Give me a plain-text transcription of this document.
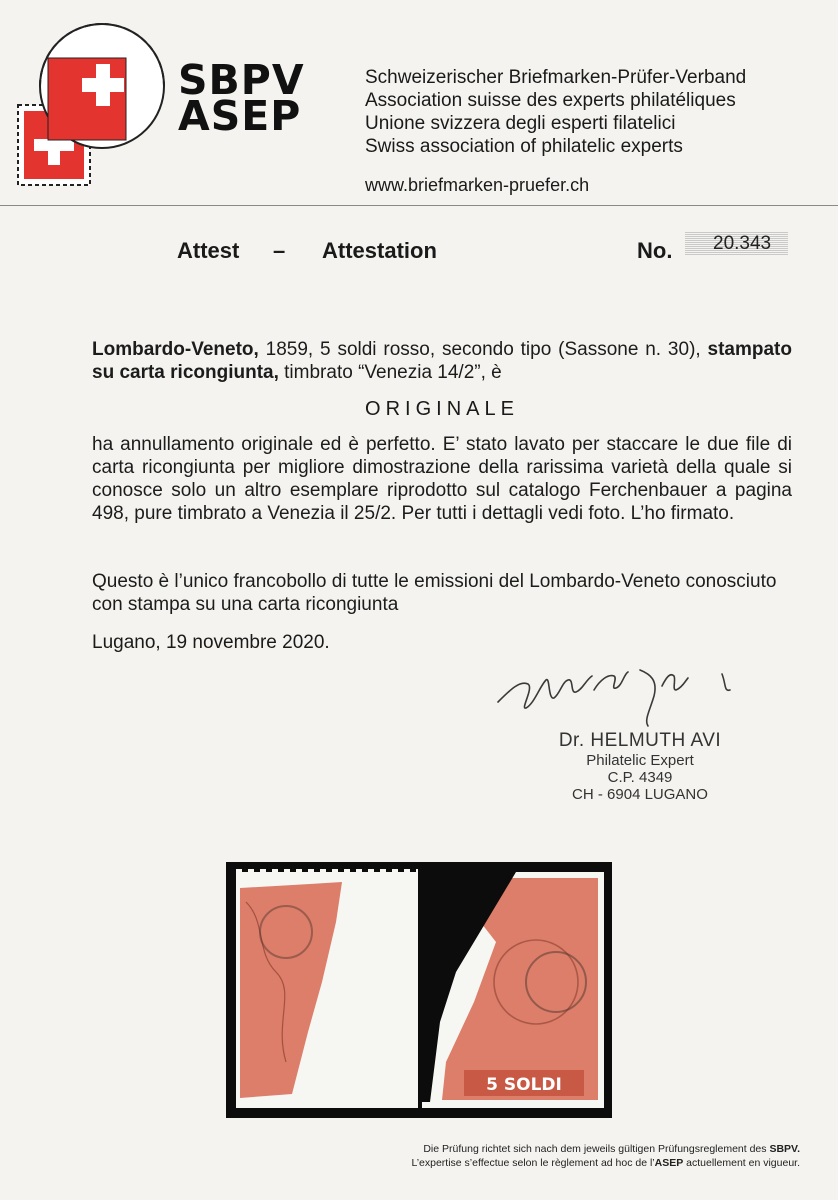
SBPV
ASEP
Schweizerischer Briefmarken-Prüfer-Verband
Association suisse des experts philatéliques
Unione svizzera degli esperti filatelici
Swiss association of philatelic experts
www.briefmarken-pruefer.ch
Attest – Attestation	No. 20.343
Lombardo-Veneto, 1859, 5 soldi rosso, secondo tipo (Sassone n. 30), stampato su carta ricongiunta, timbrato “Venezia 14/2”, è
ORIGINALE
ha annullamento originale ed è perfetto. E’ stato lavato per staccare le due file di carta ricongiunta per migliore dimostrazione della rarissima varietà della quale si conosce solo un altro esemplare riprodotto sul catalogo Ferchenbauer a pagina 498, pure timbrato a Venezia il 25/2. Per tutti i dettagli vedi foto. L’ho firmato.
Questo è l’unico francobollo di tutte le emissioni del Lombardo-Veneto conosciuto con stampa su una carta ricongiunta
Lugano, 19 novembre 2020.
Dr. HELMUTH AVI
Philatelic Expert
C.P. 4349
CH - 6904 LUGANO
5 SOLDI
Die Prüfung richtet sich nach dem jeweils gültigen Prüfungsreglement des SBPV.
L’expertise s’effectue selon le règlement ad hoc de l’ASEP actuellement en vigueur.
